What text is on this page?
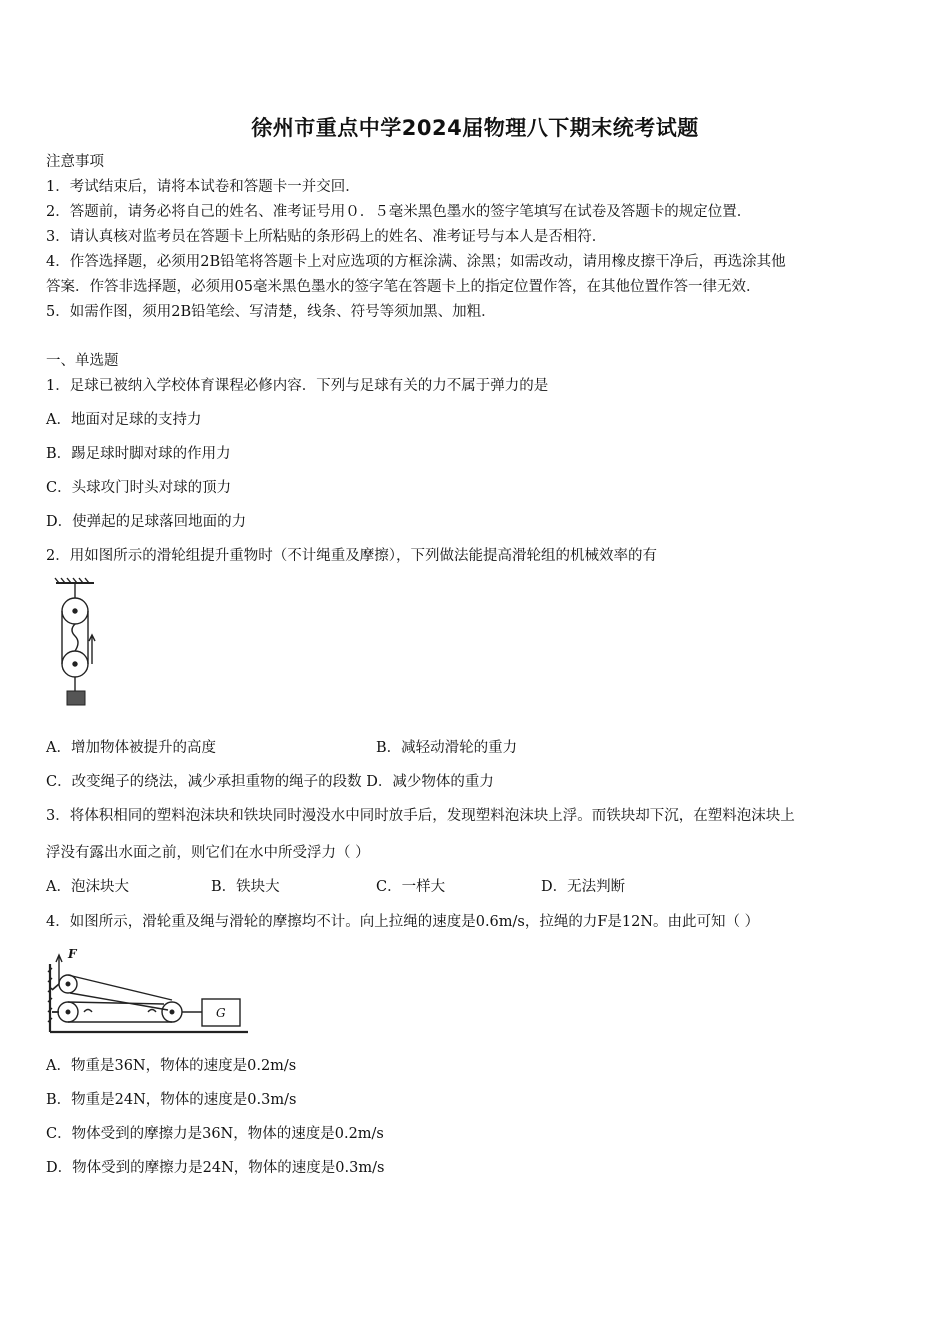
徐州市重点中学2024届物理八下期末统考试题
注意事项
1．考试结束后，请将本试卷和答题卡一并交回．
2．答题前，请务必将自己的姓名、准考证号用０．５毫米黑色墨水的签字笔填写在试卷及答题卡的规定位置．
3．请认真核对监考员在答题卡上所粘贴的条形码上的姓名、准考证号与本人是否相符．
4．作答选择题，必须用2B铅笔将答题卡上对应选项的方框涂满、涂黑；如需改动，请用橡皮擦干净后，再选涂其他
答案．作答非选择题，必须用05毫米黑色墨水的签字笔在答题卡上的指定位置作答，在其他位置作答一律无效．
5．如需作图，须用2B铅笔绘、写清楚，线条、符号等须加黑、加粗．
一、单选题
1．足球已被纳入学校体育课程必修内容．下列与足球有关的力不属于弹力的是
A．地面对足球的支持力
B．踢足球时脚对球的作用力
C．头球攻门时头对球的顶力
D．使弹起的足球落回地面的力
2．用如图所示的滑轮组提升重物时（不计绳重及摩擦），下列做法能提高滑轮组的机械效率的有
A．增加物体被提升的高度	B．减轻动滑轮的重力
C．改变绳子的绕法，减少承担重物的绳子的段数 D．减少物体的重力
3．将体积相同的塑料泡沫块和铁块同时漫没水中同时放手后，发现塑料泡沫块上浮。而铁块却下沉，在塑料泡沫块上
浮没有露出水面之前，则它们在水中所受浮力（ ）
A．泡沫块大	B．铁块大	C．一样大	D．无法判断
4．如图所示，滑轮重及绳与滑轮的摩擦均不计。向上拉绳的速度是0.6m/s，拉绳的力F是12N。由此可知（ ）
F
G
A．物重是36N，物体的速度是0.2m/s
B．物重是24N，物体的速度是0.3m/s
C．物体受到的摩擦力是36N，物体的速度是0.2m/s
D．物体受到的摩擦力是24N，物体的速度是0.3m/s
